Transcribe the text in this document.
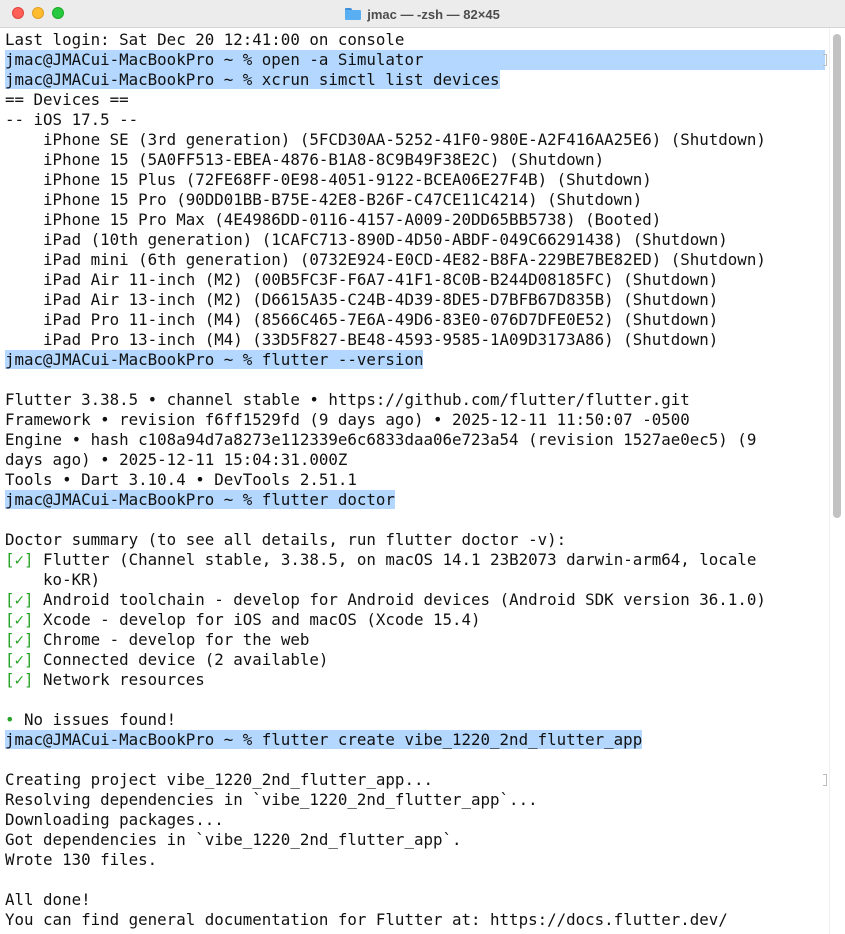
jmac — -zsh — 82×45
Last login: Sat Dec 20 12:41:00 on console
jmac@JMACui-MacBookPro ~ % open -a Simulator
jmac@JMACui-MacBookPro ~ % xcrun simctl list devices
== Devices ==
-- iOS 17.5 --
iPhone SE (3rd generation) (5FCD30AA-5252-41F0-980E-A2F416AA25E6) (Shutdown)
iPhone 15 (5A0FF513-EBEA-4876-B1A8-8C9B49F38E2C) (Shutdown)
iPhone 15 Plus (72FE68FF-0E98-4051-9122-BCEA06E27F4B) (Shutdown)
iPhone 15 Pro (90DD01BB-B75E-42E8-B26F-C47CE11C4214) (Shutdown)
iPhone 15 Pro Max (4E4986DD-0116-4157-A009-20DD65BB5738) (Booted)
iPad (10th generation) (1CAFC713-890D-4D50-ABDF-049C66291438) (Shutdown)
iPad mini (6th generation) (0732E924-E0CD-4E82-B8FA-229BE7BE82ED) (Shutdown)
iPad Air 11-inch (M2) (00B5FC3F-F6A7-41F1-8C0B-B244D08185FC) (Shutdown)
iPad Air 13-inch (M2) (D6615A35-C24B-4D39-8DE5-D7BFB67D835B) (Shutdown)
iPad Pro 11-inch (M4) (8566C465-7E6A-49D6-83E0-076D7DFE0E52) (Shutdown)
iPad Pro 13-inch (M4) (33D5F827-BE48-4593-9585-1A09D3173A86) (Shutdown)
jmac@JMACui-MacBookPro ~ % flutter --version
Flutter 3.38.5 • channel stable • https://github.com/flutter/flutter.git
Framework • revision f6ff1529fd (9 days ago) • 2025-12-11 11:50:07 -0500
Engine • hash c108a94d7a8273e112339e6c6833daa06e723a54 (revision 1527ae0ec5) (9
days ago) • 2025-12-11 15:04:31.000Z
Tools • Dart 3.10.4 • DevTools 2.51.1
jmac@JMACui-MacBookPro ~ % flutter doctor
Doctor summary (to see all details, run flutter doctor -v):
[✓] Flutter (Channel stable, 3.38.5, on macOS 14.1 23B2073 darwin-arm64, locale
ko-KR)
[✓] Android toolchain - develop for Android devices (Android SDK version 36.1.0)
[✓] Xcode - develop for iOS and macOS (Xcode 15.4)
[✓] Chrome - develop for the web
[✓] Connected device (2 available)
[✓] Network resources
• No issues found!
jmac@JMACui-MacBookPro ~ % flutter create vibe_1220_2nd_flutter_app
Creating project vibe_1220_2nd_flutter_app...
Resolving dependencies in `vibe_1220_2nd_flutter_app`...
Downloading packages...
Got dependencies in `vibe_1220_2nd_flutter_app`.
Wrote 130 files.
All done!
You can find general documentation for Flutter at: https://docs.flutter.dev/
